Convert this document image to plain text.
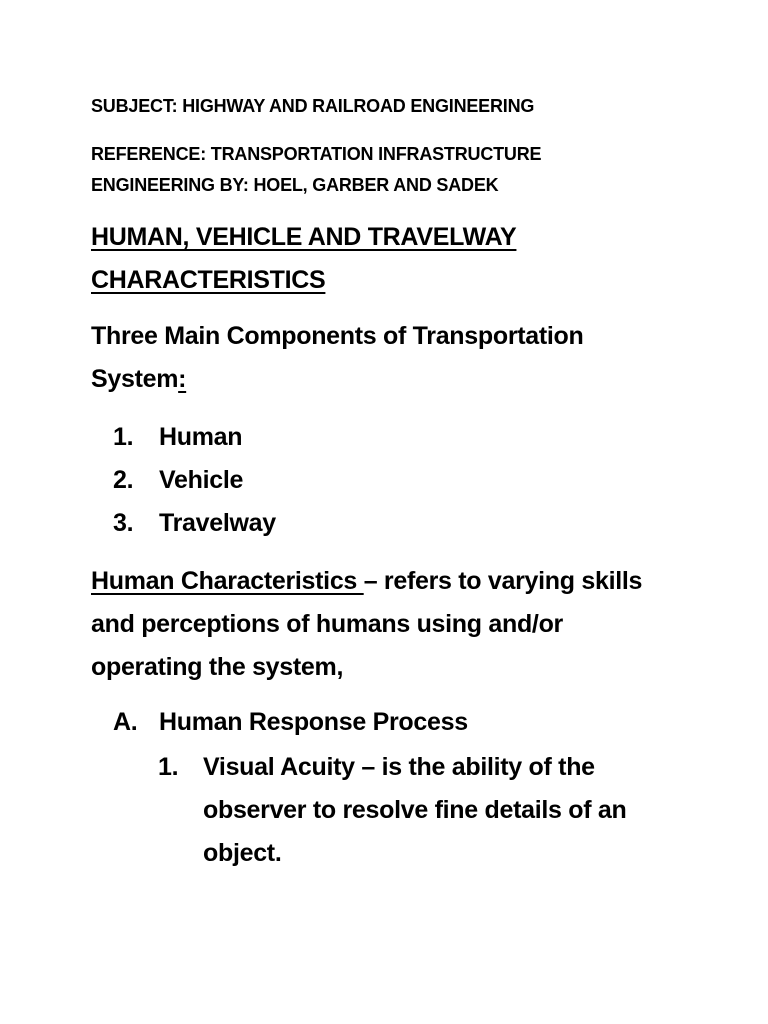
SUBJECT: HIGHWAY AND RAILROAD ENGINEERING
REFERENCE: TRANSPORTATION INFRASTRUCTURE
ENGINEERING BY: HOEL, GARBER AND SADEK
HUMAN, VEHICLE AND TRAVELWAY
CHARACTERISTICS
Three Main Components of Transportation
System:
1. Human
2. Vehicle
3. Travelway
Human Characteristics – refers to varying skills
and perceptions of humans using and/or
operating the system,
A. Human Response Process
1. Visual Acuity – is the ability of the
observer to resolve fine details of an
object.
